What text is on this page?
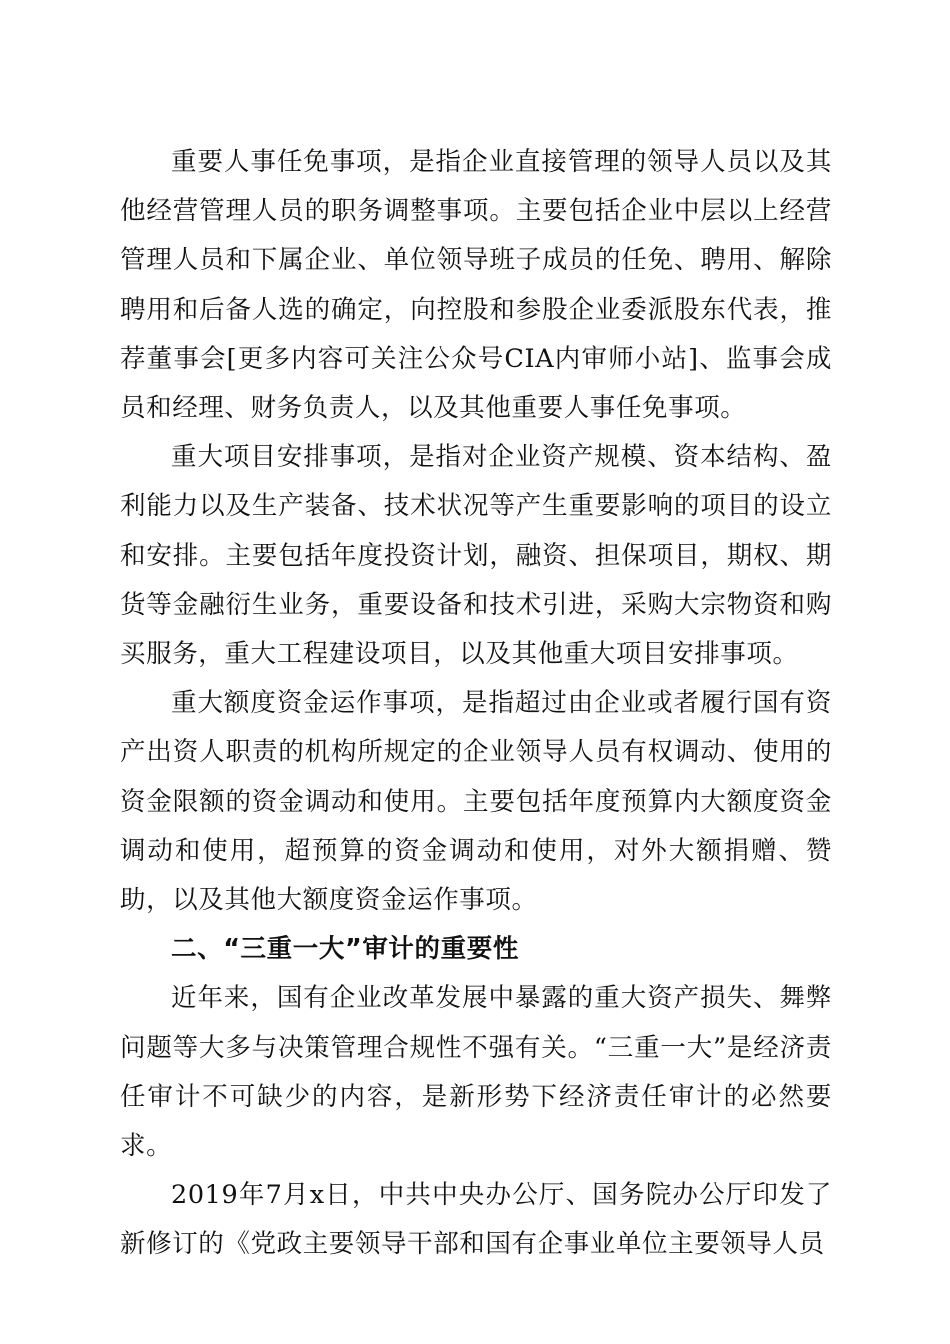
重要人事任免事项，是指企业直接管理的领导人员以及其他经营管理人员的职务调整事项。主要包括企业中层以上经营管理人员和下属企业、单位领导班子成员的任免、聘用、解除聘用和后备人选的确定，向控股和参股企业委派股东代表，推荐董事会[更多内容可关注公众号CIA内审师小站]、监事会成员和经理、财务负责人，以及其他重要人事任免事项。

重大项目安排事项，是指对企业资产规模、资本结构、盈利能力以及生产装备、技术状况等产生重要影响的项目的设立和安排。主要包括年度投资计划，融资、担保项目，期权、期货等金融衍生业务，重要设备和技术引进，采购大宗物资和购买服务，重大工程建设项目，以及其他重大项目安排事项。

重大额度资金运作事项，是指超过由企业或者履行国有资产出资人职责的机构所规定的企业领导人员有权调动、使用的资金限额的资金调动和使用。主要包括年度预算内大额度资金调动和使用，超预算的资金调动和使用，对外大额捐赠、赞助，以及其他大额度资金运作事项。

二、“三重一大”审计的重要性

近年来，国有企业改革发展中暴露的重大资产损失、舞弊问题等大多与决策管理合规性不强有关。“三重一大”是经济责任审计不可缺少的内容，是新形势下经济责任审计的必然要求。

2019年7月x日，中共中央办公厅、国务院办公厅印发了新修订的《党政主要领导干部和国有企事业单位主要领导人员
